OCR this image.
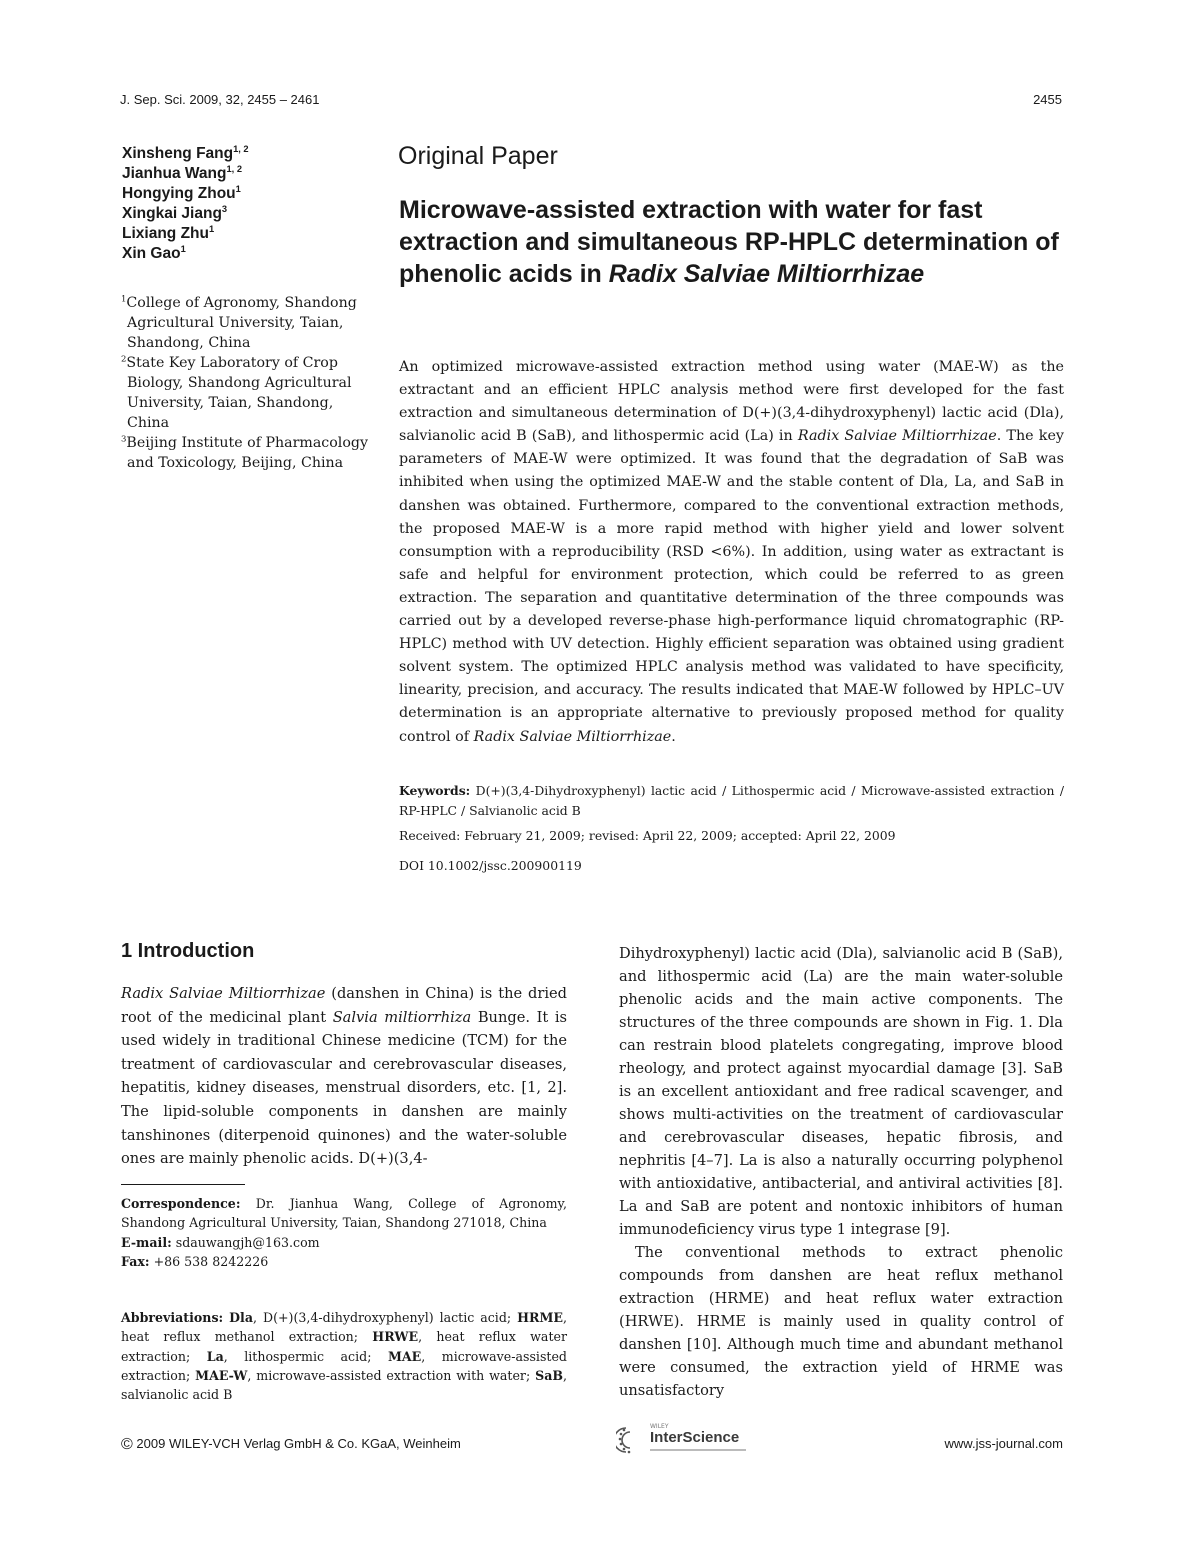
J. Sep. Sci. 2009, 32, 2455 – 2461	2455
Xinsheng Fang$^{1, 2}$
Jianhua Wang$^{1, 2}$
Hongying Zhou$^1$
Xingkai Jiang$^3$
Lixiang Zhu$^1$
Xin Gao$^1$
$^1$College of Agronomy, Shandong Agricultural University, Taian, Shandong, China
$^2$State Key Laboratory of Crop Biology, Shandong Agricultural University, Taian, Shandong, China
$^3$Beijing Institute of Pharmacology and Toxicology, Beijing, China
Original Paper
Microwave-assisted extraction with water for fast extraction and simultaneous RP-HPLC determination of phenolic acids in Radix Salviae Miltiorrhizae
An optimized microwave-assisted extraction method using water (MAE-W) as the extractant and an efficient HPLC analysis method were first developed for the fast extraction and simultaneous determination of D(+)(3,4-dihydroxyphenyl) lactic acid (Dla), salvianolic acid B (SaB), and lithospermic acid (La) in Radix Salviae Miltiorrhizae. The key parameters of MAE-W were optimized. It was found that the degradation of SaB was inhibited when using the optimized MAE-W and the stable content of Dla, La, and SaB in danshen was obtained. Furthermore, compared to the conventional extraction methods, the proposed MAE-W is a more rapid method with higher yield and lower solvent consumption with a reproducibility (RSD <6%). In addition, using water as extractant is safe and helpful for environment protection, which could be referred to as green extraction. The separation and quantitative determination of the three compounds was carried out by a developed reverse-phase high-performance liquid chromatographic (RP-HPLC) method with UV detection. Highly efficient separation was obtained using gradient solvent system. The optimized HPLC analysis method was validated to have specificity, linearity, precision, and accuracy. The results indicated that MAE-W followed by HPLC–UV determination is an appropriate alternative to previously proposed method for quality control of Radix Salviae Miltiorrhizae.
Keywords: D(+)(3,4-Dihydroxyphenyl) lactic acid / Lithospermic acid / Microwave-assisted extraction / RP-HPLC / Salvianolic acid B
Received: February 21, 2009; revised: April 22, 2009; accepted: April 22, 2009
DOI 10.1002/jssc.200900119
1 Introduction
Radix Salviae Miltiorrhizae (danshen in China) is the dried root of the medicinal plant Salvia miltiorrhiza Bunge. It is used widely in traditional Chinese medicine (TCM) for the treatment of cardiovascular and cerebrovascular diseases, hepatitis, kidney diseases, menstrual disorders, etc. [1, 2]. The lipid-soluble components in danshen are mainly tanshinones (diterpenoid quinones) and the water-soluble ones are mainly phenolic acids. D(+)(3,4-

Dihydroxyphenyl) lactic acid (Dla), salvianolic acid B (SaB), and lithospermic acid (La) are the main water-soluble phenolic acids and the main active components. The structures of the three compounds are shown in Fig. 1. Dla can restrain blood platelets congregating, improve blood rheology, and protect against myocardial damage [3]. SaB is an excellent antioxidant and free radical scavenger, and shows multi-activities on the treatment of cardiovascular and cerebrovascular diseases, hepatic fibrosis, and nephritis [4–7]. La is also a naturally occurring polyphenol with antioxidative, antibacterial, and antiviral activities [8]. La and SaB are potent and nontoxic inhibitors of human immunodeficiency virus type 1 integrase [9].

The conventional methods to extract phenolic compounds from danshen are heat reflux methanol extraction (HRME) and heat reflux water extraction (HRWE). HRME is mainly used in quality control of danshen [10]. Although much time and abundant methanol were consumed, the extraction yield of HRME was unsatisfactory

Correspondence: Dr. Jianhua Wang, College of Agronomy, Shandong Agricultural University, Taian, Shandong 271018, China
E-mail: sdauwangjh@163.com
Fax: +86 538 8242226
Abbreviations: Dla, D(+)(3,4-dihydroxyphenyl) lactic acid; HRME, heat reflux methanol extraction; HRWE, heat reflux water extraction; La, lithospermic acid; MAE, microwave-assisted extraction; MAE-W, microwave-assisted extraction with water; SaB, salvianolic acid B
© 2009 WILEY-VCH Verlag GmbH & Co. KGaA, Weinheim
WILEY
InterScience	www.jss-journal.com
